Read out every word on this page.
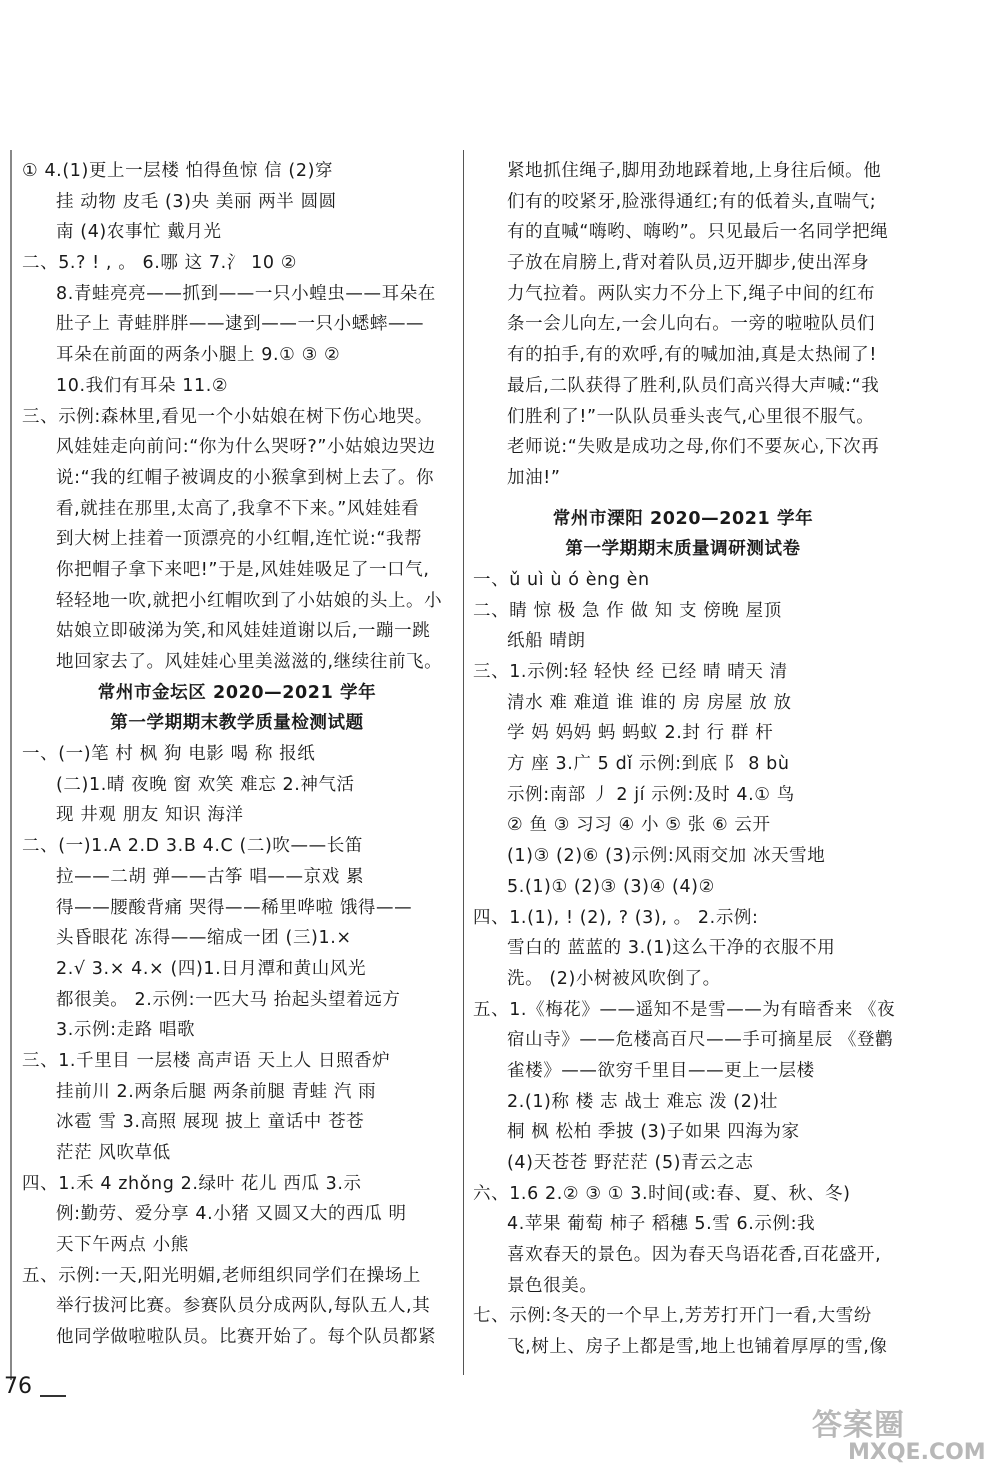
① 4.(1)更上一层楼 怕得鱼惊 信 (2)穿
挂 动物 皮毛 (3)央 美丽 两半 圆圆
南 (4)农事忙 戴月光
二、5.? ! , 。 6.哪 这 7.氵 10 ②
8.青蛙亮亮——抓到——一只小蝗虫——耳朵在
肚子上 青蛙胖胖——逮到——一只小蟋蟀——
耳朵在前面的两条小腿上 9.① ③ ②
10.我们有耳朵 11.②
三、示例:森林里,看见一个小姑娘在树下伤心地哭。
风娃娃走向前问:“你为什么哭呀?”小姑娘边哭边
说:“我的红帽子被调皮的小猴拿到树上去了。你
看,就挂在那里,太高了,我拿不下来。”风娃娃看
到大树上挂着一顶漂亮的小红帽,连忙说:“我帮
你把帽子拿下来吧!”于是,风娃娃吸足了一口气,
轻轻地一吹,就把小红帽吹到了小姑娘的头上。小
姑娘立即破涕为笑,和风娃娃道谢以后,一蹦一跳
地回家去了。风娃娃心里美滋滋的,继续往前飞。
常州市金坛区 2020—2021 学年
第一学期期末教学质量检测试题
一、(一)笔 村 枫 狗 电影 喝 称 报纸
(二)1.晴 夜晚 窗 欢笑 难忘 2.神气活
现 井观 朋友 知识 海洋
二、(一)1.A 2.D 3.B 4.C (二)吹——长笛
拉——二胡 弹——古筝 唱——京戏 累
得——腰酸背痛 哭得——稀里哗啦 饿得——
头昏眼花 冻得——缩成一团 (三)1.×
2.√ 3.× 4.× (四)1.日月潭和黄山风光
都很美。 2.示例:一匹大马 抬起头望着远方
3.示例:走路 唱歌
三、1.千里目 一层楼 高声语 天上人 日照香炉
挂前川 2.两条后腿 两条前腿 青蛙 汽 雨
冰雹 雪 3.高照 展现 披上 童话中 苍苍
茫茫 风吹草低
四、1.禾 4 zhǒng 2.绿叶 花儿 西瓜 3.示
例:勤劳、爱分享 4.小猪 又圆又大的西瓜 明
天下午两点 小熊
五、示例:一天,阳光明媚,老师组织同学们在操场上
举行拔河比赛。参赛队员分成两队,每队五人,其
他同学做啦啦队员。比赛开始了。每个队员都紧
紧地抓住绳子,脚用劲地踩着地,上身往后倾。他
们有的咬紧牙,脸涨得通红;有的低着头,直喘气;
有的直喊“嗨哟、嗨哟”。只见最后一名同学把绳
子放在肩膀上,背对着队员,迈开脚步,使出浑身
力气拉着。两队实力不分上下,绳子中间的红布
条一会儿向左,一会儿向右。一旁的啦啦队员们
有的拍手,有的欢呼,有的喊加油,真是太热闹了!
最后,二队获得了胜利,队员们高兴得大声喊:“我
们胜利了!”一队队员垂头丧气,心里很不服气。
老师说:“失败是成功之母,你们不要灰心,下次再
加油!”
常州市溧阳 2020—2021 学年
第一学期期末质量调研测试卷
一、ǔ uì ù ó èng èn
二、睛 惊 极 急 作 做 知 支 傍晚 屋顶
纸船 晴朗
三、1.示例:轻 轻快 经 已经 晴 晴天 清
清水 难 难道 谁 谁的 房 房屋 放 放
学 妈 妈妈 蚂 蚂蚁 2.封 行 群 杆
方 座 3.广 5 dǐ 示例:到底 阝 8 bù
示例:南部 丿 2 jí 示例:及时 4.① 鸟
② 鱼 ③ 习习 ④ 小 ⑤ 张 ⑥ 云开
(1)③ (2)⑥ (3)示例:风雨交加 冰天雪地
5.(1)① (2)③ (3)④ (4)②
四、1.(1), ! (2), ? (3), 。 2.示例:
雪白的 蓝蓝的 3.(1)这么干净的衣服不用
洗。 (2)小树被风吹倒了。
五、1.《梅花》——遥知不是雪——为有暗香来 《夜
宿山寺》——危楼高百尺——手可摘星辰 《登鹳
雀楼》——欲穷千里目——更上一层楼
2.(1)称 楼 志 战士 难忘 泼 (2)壮
桐 枫 松柏 季披 (3)子如果 四海为家
(4)天苍苍 野茫茫 (5)青云之志
六、1.6 2.② ③ ① 3.时间(或:春、夏、秋、冬)
4.苹果 葡萄 柿子 稻穗 5.雪 6.示例:我
喜欢春天的景色。因为春天鸟语花香,百花盛开,
景色很美。
七、示例:冬天的一个早上,芳芳打开门一看,大雪纷
飞,树上、房子上都是雪,地上也铺着厚厚的雪,像
76
答案圈
MXQE.COM
